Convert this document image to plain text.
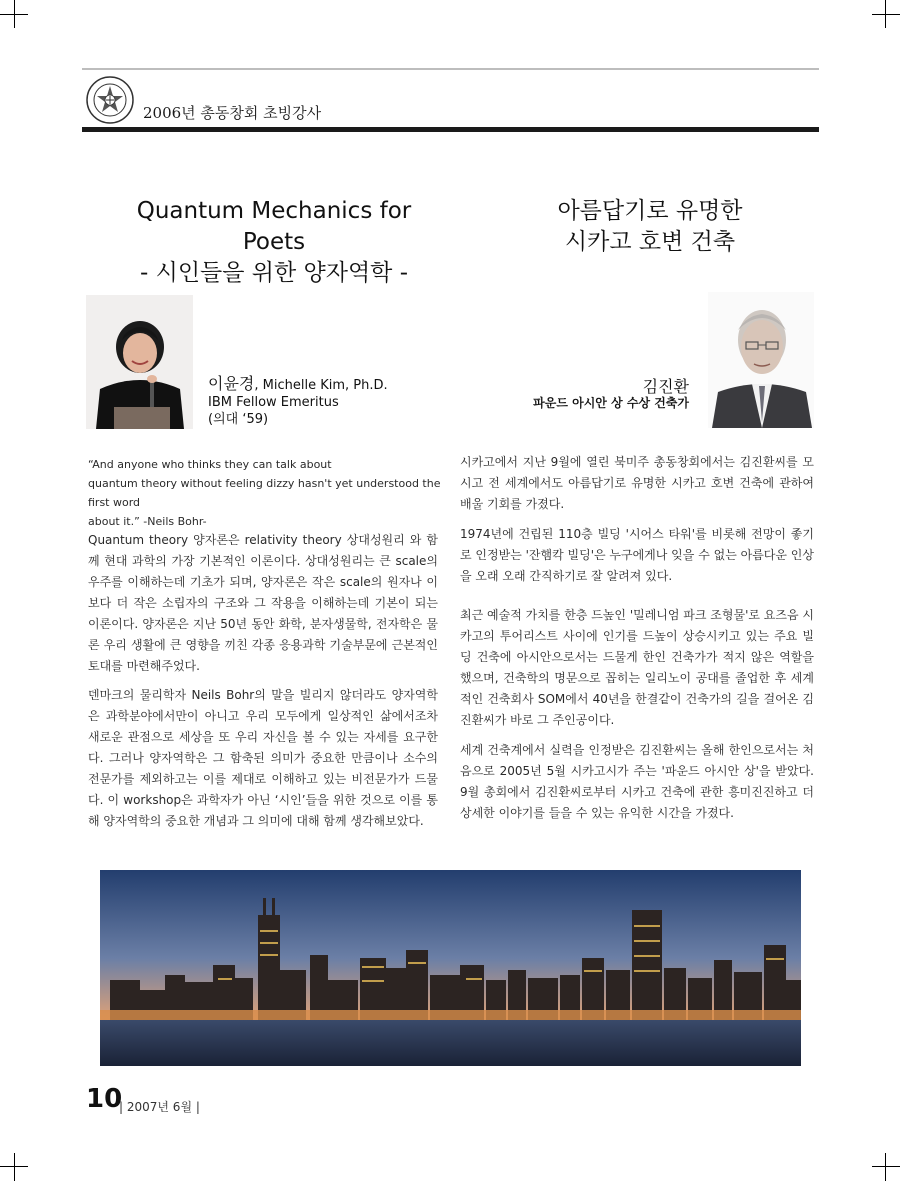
2006년 총동창회 초빙강사
Quantum Mechanics for Poets
- 시인들을 위한 양자역학 -
아름답기로 유명한
시카고 호변 건축
이윤경, Michelle Kim, Ph.D.
IBM Fellow Emeritus
(의대 ‘59)
김진환
파운드 아시안 상 수상 건축가
“And anyone who thinks they can talk about
quantum theory without feeling dizzy hasn't yet understood the first word
about it.” -Neils Bohr-
Quantum theory 양자론은 relativity theory 상대성원리 와 함께 현대 과학의 가장 기본적인 이론이다. 상대성원리는 큰 scale의 우주를 이해하는데 기초가 되며, 양자론은 작은 scale의 원자나 이보다 더 작은 소립자의 구조와 그 작용을 이해하는데 기본이 되는 이론이다. 양자론은 지난 50년 동안 화학, 분자생물학, 전자학은 물론 우리 생활에 큰 영향을 끼친 각종 응용과학 기술부문에 근본적인 토대를 마련해주었다.
덴마크의 물리학자 Neils Bohr의 말을 빌리지 않더라도 양자역학은 과학분야에서만이 아니고 우리 모두에게 일상적인 삶에서조차 새로운 관점으로 세상을 또 우리 자신을 볼 수 있는 자세를 요구한다. 그러나 양자역학은 그 함축된 의미가 중요한 만큼이나 소수의 전문가를 제외하고는 이를 제대로 이해하고 있는 비전문가가 드물다. 이 workshop은 과학자가 아닌 ‘시인’들을 위한 것으로 이를 통해 양자역학의 중요한 개념과 그 의미에 대해 함께 생각해보았다.
시카고에서 지난 9월에 열린 북미주 총동창회에서는 김진환씨를 모시고 전 세계에서도 아름답기로 유명한 시카고 호변 건축에 관하여 배울 기회를 가졌다.
1974년에 건립된 110층 빌딩 '시어스 타워'를 비롯해 전망이 좋기로 인정받는 '잔햄칵 빌딩'은 누구에게나 잊을 수 없는 아름다운 인상을 오래 오래 간직하기로 잘 알려져 있다.
최근 예술적 가치를 한층 드높인 '밀레니엄 파크 조형물'로 요즈음 시카고의 투어리스트 사이에 인기를 드높이 상승시키고 있는 주요 빌딩 건축에 아시안으로서는 드물게 한인 건축가가 적지 않은 역할을 했으며, 건축학의 명문으로 꼽히는 일리노이 공대를 졸업한 후 세계적인 건축회사 SOM에서 40년을 한결같이 건축가의 길을 걸어온 김진환씨가 바로 그 주인공이다.
세계 건축계에서 실력을 인정받은 김진환씨는 올해 한인으로서는 처음으로 2005년 5월 시카고시가 주는 '파운드 아시안 상'을 받았다. 9월 총회에서 김진환씨로부터 시카고 건축에 관한 흥미진진하고 더 상세한 이야기를 들을 수 있는 유익한 시간을 가졌다.
10
| 2007년 6월 |
